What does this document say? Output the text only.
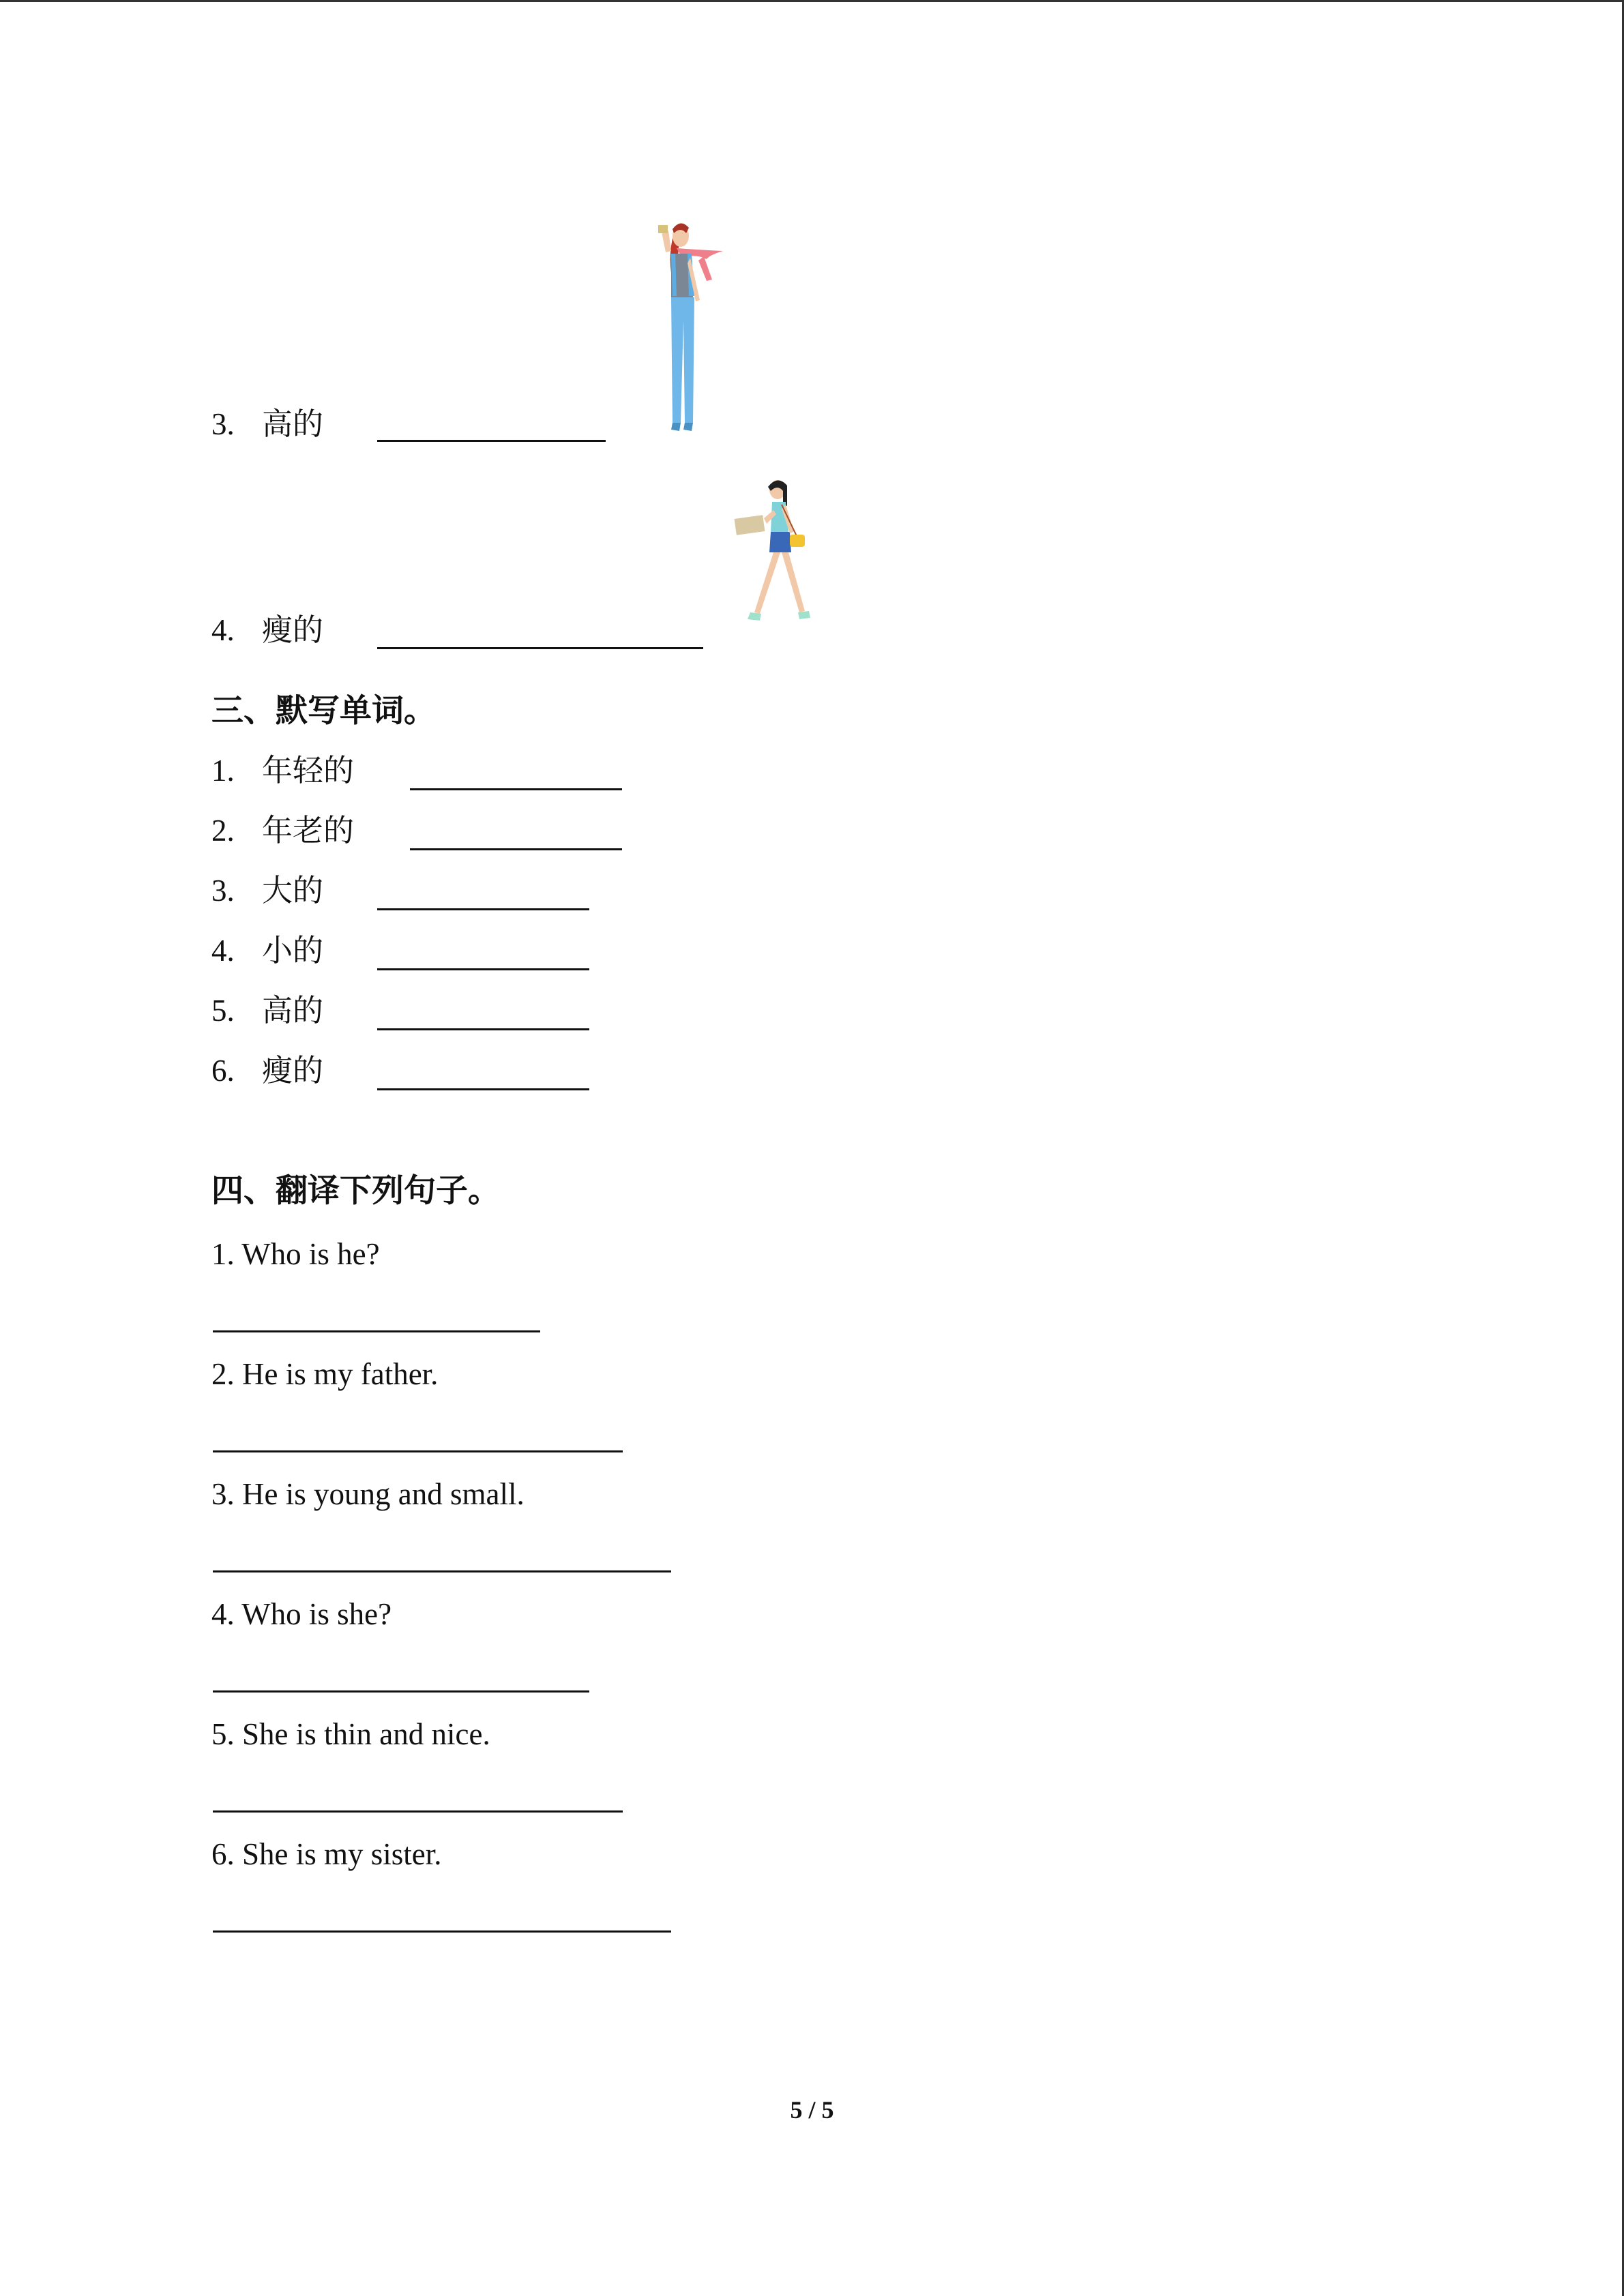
3. 高的
4. 瘦的
三、默写单词。
1. 年轻的
2. 年老的
3. 大的
4. 小的
5. 高的
6. 瘦的
四、翻译下列句子。
1. Who is he?
2. He is my father.
3. He is young and small.
4. Who is she?
5. She is thin and nice.
6. She is my sister.
5 / 5
